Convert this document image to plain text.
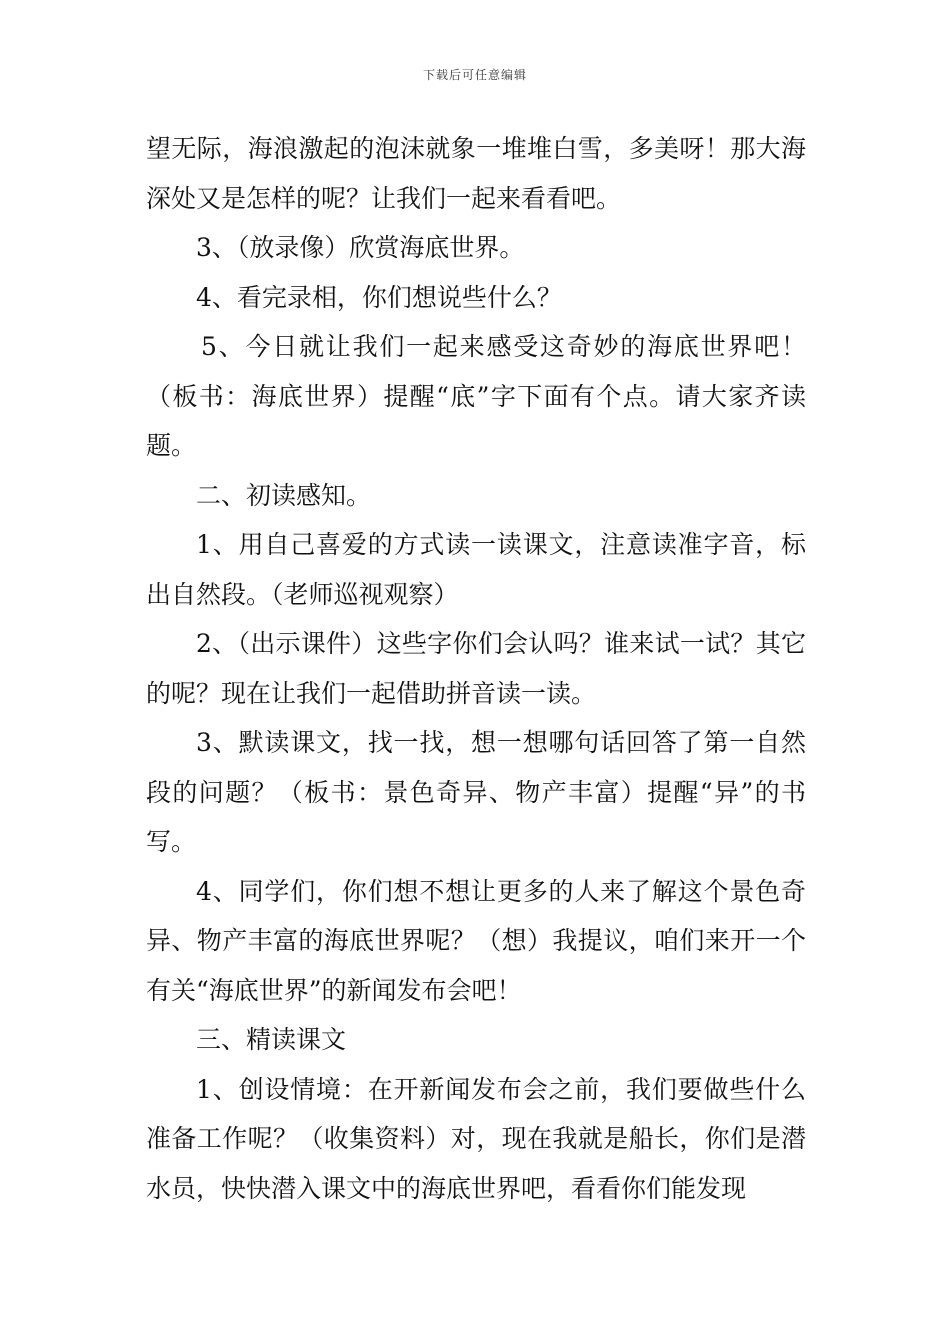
下载后可任意编辑

望无际，海浪激起的泡沫就象一堆堆白雪，多美呀！那大海深处又是怎样的呢？让我们一起来看看吧。

3、（放录像）欣赏海底世界。

4、看完录相，你们想说些什么？

5、今日就让我们一起来感受这奇妙的海底世界吧！（板书：海底世界）提醒“底”字下面有个点。请大家齐读题。

二、初读感知。

1、用自己喜爱的方式读一读课文，注意读准字音，标出自然段。（老师巡视观察）

2、（出示课件）这些字你们会认吗？谁来试一试？其它的呢？现在让我们一起借助拼音读一读。

3、默读课文，找一找，想一想哪句话回答了第一自然段的问题？（板书：景色奇异、物产丰富）提醒“异”的书写。

4、同学们，你们想不想让更多的人来了解这个景色奇异、物产丰富的海底世界呢？（想）我提议，咱们来开一个有关“海底世界”的新闻发布会吧！

三、精读课文

1、创设情境：在开新闻发布会之前，我们要做些什么准备工作呢？（收集资料）对，现在我就是船长，你们是潜水员，快快潜入课文中的海底世界吧，看看你们能发现
